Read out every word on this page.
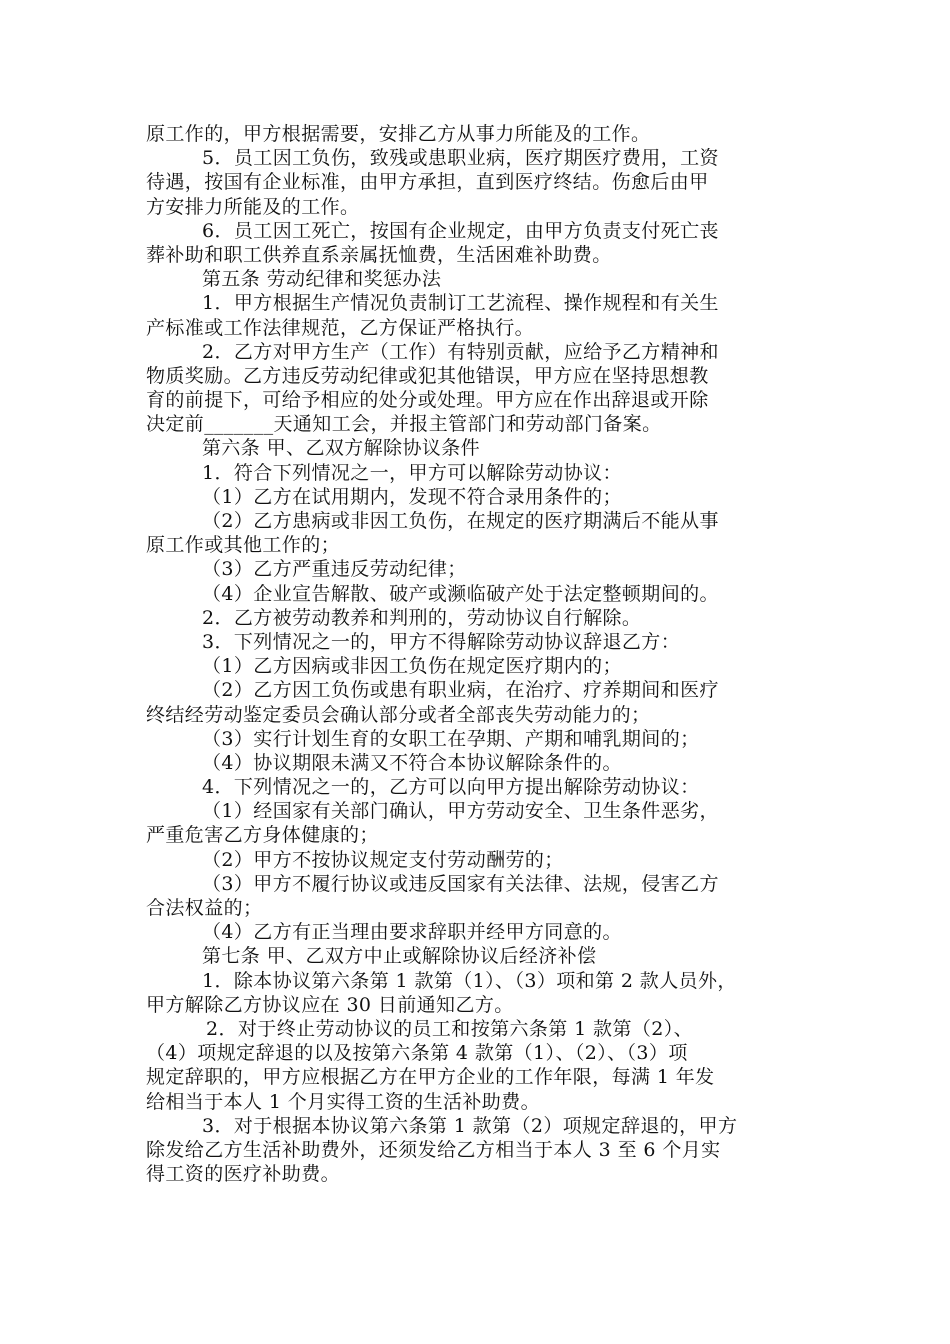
原工作的，甲方根据需要，安排乙方从事力所能及的工作。
5．员工因工负伤，致残或患职业病，医疗期医疗费用，工资
待遇，按国有企业标准，由甲方承担，直到医疗终结。伤愈后由甲
方安排力所能及的工作。
6．员工因工死亡，按国有企业规定，由甲方负责支付死亡丧
葬补助和职工供养直系亲属抚恤费，生活困难补助费。
第五条 劳动纪律和奖惩办法
1．甲方根据生产情况负责制订工艺流程、操作规程和有关生
产标准或工作法律规范，乙方保证严格执行。
2．乙方对甲方生产（工作）有特别贡献，应给予乙方精神和
物质奖励。乙方违反劳动纪律或犯其他错误，甲方应在坚持思想教
育的前提下，可给予相应的处分或处理。甲方应在作出辞退或开除
决定前_______天通知工会，并报主管部门和劳动部门备案。
第六条 甲、乙双方解除协议条件
1．符合下列情况之一，甲方可以解除劳动协议：
（1）乙方在试用期内，发现不符合录用条件的；
（2）乙方患病或非因工负伤，在规定的医疗期满后不能从事
原工作或其他工作的；
（3）乙方严重违反劳动纪律；
（4）企业宣告解散、破产或濒临破产处于法定整顿期间的。
2．乙方被劳动教养和判刑的，劳动协议自行解除。
3．下列情况之一的，甲方不得解除劳动协议辞退乙方：
（1）乙方因病或非因工负伤在规定医疗期内的；
（2）乙方因工负伤或患有职业病，在治疗、疗养期间和医疗
终结经劳动鉴定委员会确认部分或者全部丧失劳动能力的；
（3）实行计划生育的女职工在孕期、产期和哺乳期间的；
（4）协议期限未满又不符合本协议解除条件的。
4．下列情况之一的，乙方可以向甲方提出解除劳动协议：
（1）经国家有关部门确认，甲方劳动安全、卫生条件恶劣，
严重危害乙方身体健康的；
（2）甲方不按协议规定支付劳动酬劳的；
（3）甲方不履行协议或违反国家有关法律、法规，侵害乙方
合法权益的；
（4）乙方有正当理由要求辞职并经甲方同意的。
第七条 甲、乙双方中止或解除协议后经济补偿
1．除本协议第六条第 1 款第（1）、（3）项和第 2 款人员外，
甲方解除乙方协议应在 30 日前通知乙方。
2．对于终止劳动协议的员工和按第六条第 1 款第（2）、
（4）项规定辞退的以及按第六条第 4 款第（1）、（2）、（3）项
规定辞职的，甲方应根据乙方在甲方企业的工作年限，每满 1 年发
给相当于本人 1 个月实得工资的生活补助费。
3．对于根据本协议第六条第 1 款第（2）项规定辞退的，甲方
除发给乙方生活补助费外，还须发给乙方相当于本人 3 至 6 个月实
得工资的医疗补助费。
